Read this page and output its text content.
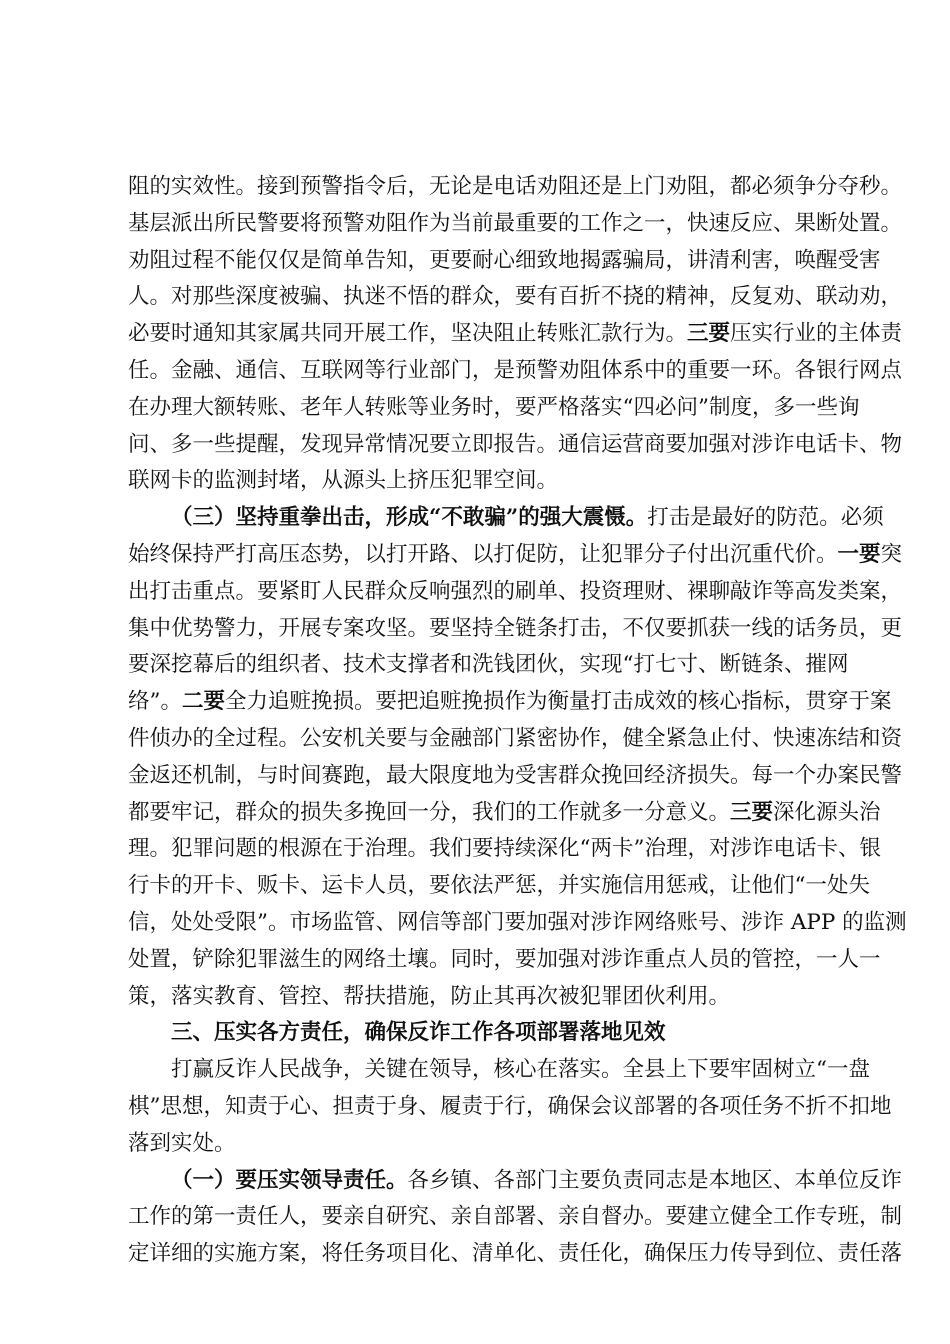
阻的实效性。接到预警指令后，无论是电话劝阻还是上门劝阻，都必须争分夺秒。
基层派出所民警要将预警劝阻作为当前最重要的工作之一，快速反应、果断处置。
劝阻过程不能仅仅是简单告知，更要耐心细致地揭露骗局，讲清利害，唤醒受害
人。对那些深度被骗、执迷不悟的群众，要有百折不挠的精神，反复劝、联动劝，
必要时通知其家属共同开展工作，坚决阻止转账汇款行为。三要压实行业的主体责
任。金融、通信、互联网等行业部门，是预警劝阻体系中的重要一环。各银行网点
在办理大额转账、老年人转账等业务时，要严格落实“四必问”制度，多一些询
问、多一些提醒，发现异常情况要立即报告。通信运营商要加强对涉诈电话卡、物
联网卡的监测封堵，从源头上挤压犯罪空间。
（三）坚持重拳出击，形成“不敢骗”的强大震慑。打击是最好的防范。必须
始终保持严打高压态势，以打开路、以打促防，让犯罪分子付出沉重代价。一要突
出打击重点。要紧盯人民群众反响强烈的刷单、投资理财、裸聊敲诈等高发类案，
集中优势警力，开展专案攻坚。要坚持全链条打击，不仅要抓获一线的话务员，更
要深挖幕后的组织者、技术支撑者和洗钱团伙，实现“打七寸、断链条、摧网
络”。二要全力追赃挽损。要把追赃挽损作为衡量打击成效的核心指标，贯穿于案
件侦办的全过程。公安机关要与金融部门紧密协作，健全紧急止付、快速冻结和资
金返还机制，与时间赛跑，最大限度地为受害群众挽回经济损失。每一个办案民警
都要牢记，群众的损失多挽回一分，我们的工作就多一分意义。三要深化源头治
理。犯罪问题的根源在于治理。我们要持续深化“两卡”治理，对涉诈电话卡、银
行卡的开卡、贩卡、运卡人员，要依法严惩，并实施信用惩戒，让他们“一处失
信，处处受限”。市场监管、网信等部门要加强对涉诈网络账号、涉诈 APP 的监测
处置，铲除犯罪滋生的网络土壤。同时，要加强对涉诈重点人员的管控，一人一
策，落实教育、管控、帮扶措施，防止其再次被犯罪团伙利用。
三、压实各方责任，确保反诈工作各项部署落地见效
打赢反诈人民战争，关键在领导，核心在落实。全县上下要牢固树立“一盘
棋”思想，知责于心、担责于身、履责于行，确保会议部署的各项任务不折不扣地
落到实处。
（一）要压实领导责任。各乡镇、各部门主要负责同志是本地区、本单位反诈
工作的第一责任人，要亲自研究、亲自部署、亲自督办。要建立健全工作专班，制
定详细的实施方案，将任务项目化、清单化、责任化，确保压力传导到位、责任落
